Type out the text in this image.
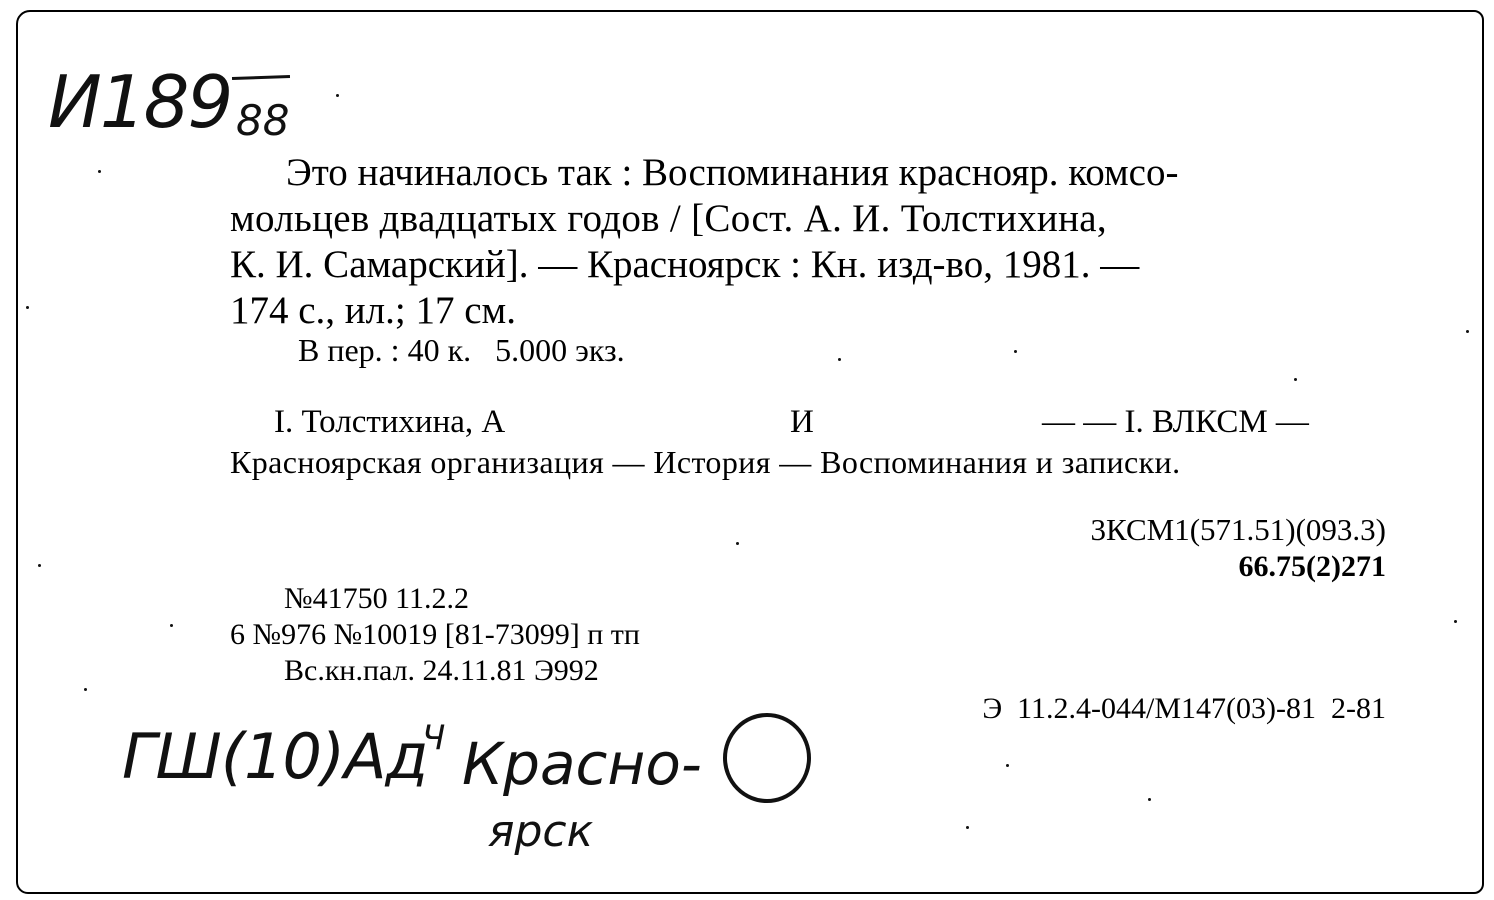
И189 88
Это начиналось так : Воспоминания краснояр. комсо-
мольцев двадцатых годов / [Сост. А. И. Толстихина,
К. И. Самарский]. — Красноярск : Кн. изд-во, 1981. —
174 с., ил.; 17 см.
В пер. : 40 к.   5.000 экз.
I. Толстихина, А	И	— — I. ВЛКСМ —
Красноярская организация — История — Воспоминания и записки.
3КСМ1(571.51)(093.3)
66.75(2)271
№41750 11.2.2
6 №976 №10019 [81-73099] п тп
Вс.кн.пал. 24.11.81 Э992
Э  11.2.4-044/М147(03)-81  2-81
ГШ(10)Ад
Ч Красно-
ярск
